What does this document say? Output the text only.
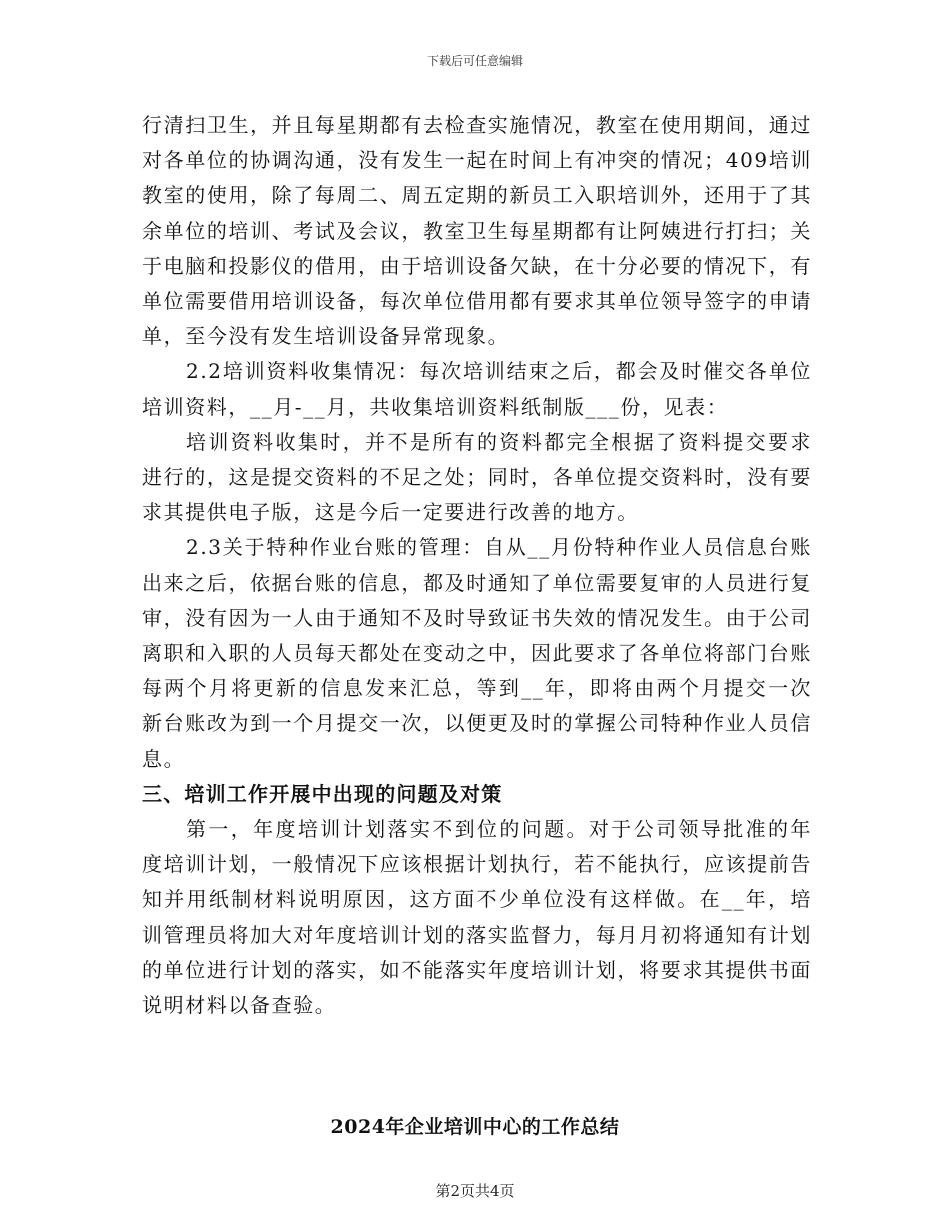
下载后可任意编辑

行清扫卫生，并且每星期都有去检查实施情况，教室在使用期间，通过对各单位的协调沟通，没有发生一起在时间上有冲突的情况；409培训教室的使用，除了每周二、周五定期的新员工入职培训外，还用于了其余单位的培训、考试及会议，教室卫生每星期都有让阿姨进行打扫；关于电脑和投影仪的借用，由于培训设备欠缺，在十分必要的情况下，有单位需要借用培训设备，每次单位借用都有要求其单位领导签字的申请单，至今没有发生培训设备异常现象。

2.2培训资料收集情况：每次培训结束之后，都会及时催交各单位培训资料，__月-__月，共收集培训资料纸制版___份，见表：

培训资料收集时，并不是所有的资料都完全根据了资料提交要求进行的，这是提交资料的不足之处；同时，各单位提交资料时，没有要求其提供电子版，这是今后一定要进行改善的地方。

2.3关于特种作业台账的管理：自从__月份特种作业人员信息台账出来之后，依据台账的信息，都及时通知了单位需要复审的人员进行复审，没有因为一人由于通知不及时导致证书失效的情况发生。由于公司离职和入职的人员每天都处在变动之中，因此要求了各单位将部门台账每两个月将更新的信息发来汇总，等到__年，即将由两个月提交一次新台账改为到一个月提交一次，以便更及时的掌握公司特种作业人员信息。

三、培训工作开展中出现的问题及对策

第一，年度培训计划落实不到位的问题。对于公司领导批准的年度培训计划，一般情况下应该根据计划执行，若不能执行，应该提前告知并用纸制材料说明原因，这方面不少单位没有这样做。在__年，培训管理员将加大对年度培训计划的落实监督力，每月月初将通知有计划的单位进行计划的落实，如不能落实年度培训计划，将要求其提供书面说明材料以备查验。

2024年企业培训中心的工作总结
第2页共4页
